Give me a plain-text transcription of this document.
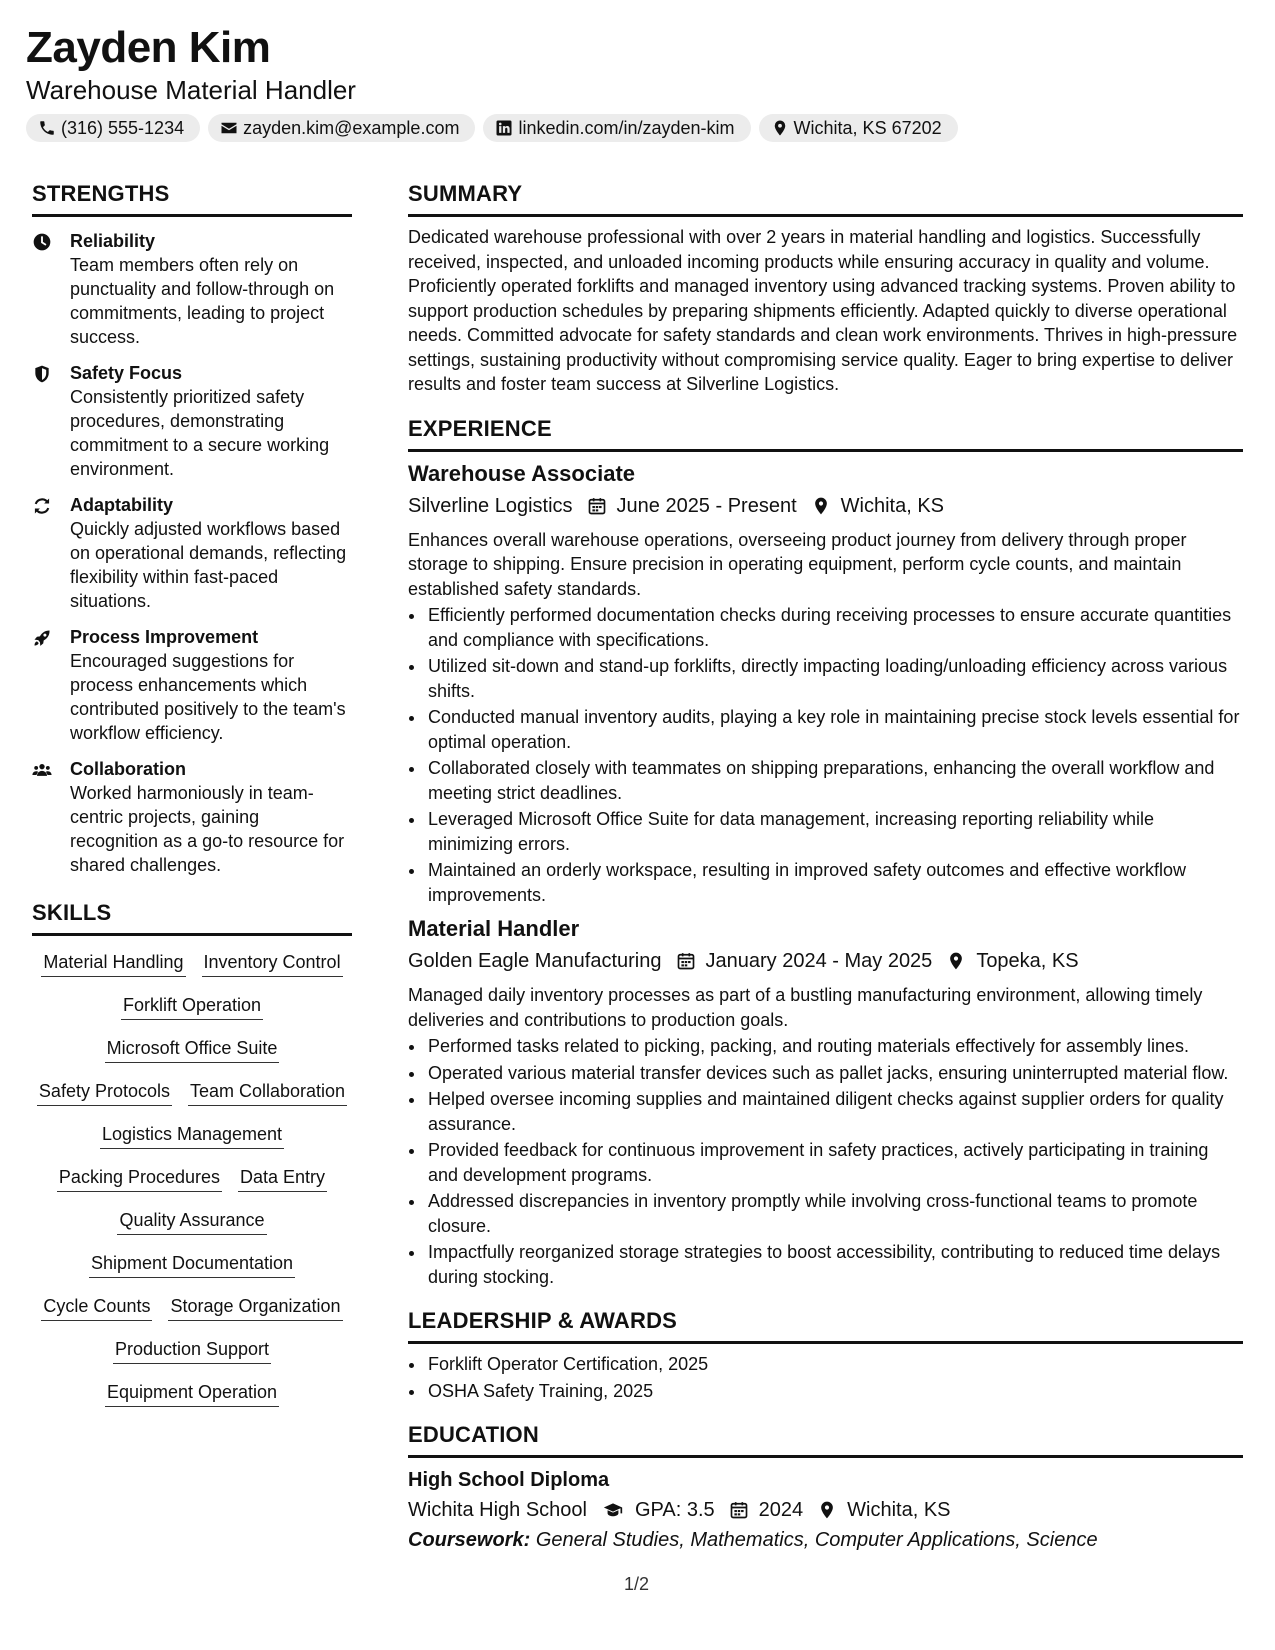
Zayden Kim
Warehouse Material Handler
(316) 555-1234	zayden.kim@example.com	linkedin.com/in/zayden-kim	Wichita, KS 67202
STRENGTHS
Reliability
Team members often rely on punctuality and follow-through on commitments, leading to project success.
Safety Focus
Consistently prioritized safety procedures, demonstrating commitment to a secure working environment.
Adaptability
Quickly adjusted workflows based on operational demands, reflecting flexibility within fast-paced situations.
Process Improvement
Encouraged suggestions for process enhancements which contributed positively to the team's workflow efficiency.
Collaboration
Worked harmoniously in team-centric projects, gaining recognition as a go-to resource for shared challenges.
SKILLS
Material Handling Inventory Control
Forklift Operation
Microsoft Office Suite
Safety Protocols Team Collaboration
Logistics Management
Packing Procedures Data Entry
Quality Assurance
Shipment Documentation
Cycle Counts Storage Organization
Production Support
Equipment Operation
SUMMARY
Dedicated warehouse professional with over 2 years in material handling and logistics. Successfully received, inspected, and unloaded incoming products while ensuring accuracy in quality and volume. Proficiently operated forklifts and managed inventory using advanced tracking systems. Proven ability to support production schedules by preparing shipments efficiently. Adapted quickly to diverse operational needs. Committed advocate for safety standards and clean work environments. Thrives in high-pressure settings, sustaining productivity without compromising service quality. Eager to bring expertise to deliver results and foster team success at Silverline Logistics.
EXPERIENCE
Warehouse Associate
Silverline Logistics June 2025 - Present Wichita, KS
Enhances overall warehouse operations, overseeing product journey from delivery through proper storage to shipping. Ensure precision in operating equipment, perform cycle counts, and maintain established safety standards.
• Efficiently performed documentation checks during receiving processes to ensure accurate quantities and compliance with specifications.
• Utilized sit-down and stand-up forklifts, directly impacting loading/unloading efficiency across various shifts.
• Conducted manual inventory audits, playing a key role in maintaining precise stock levels essential for optimal operation.
• Collaborated closely with teammates on shipping preparations, enhancing the overall workflow and meeting strict deadlines.
• Leveraged Microsoft Office Suite for data management, increasing reporting reliability while minimizing errors.
• Maintained an orderly workspace, resulting in improved safety outcomes and effective workflow improvements.
Material Handler
Golden Eagle Manufacturing January 2024 - May 2025 Topeka, KS
Managed daily inventory processes as part of a bustling manufacturing environment, allowing timely deliveries and contributions to production goals.
• Performed tasks related to picking, packing, and routing materials effectively for assembly lines.
• Operated various material transfer devices such as pallet jacks, ensuring uninterrupted material flow.
• Helped oversee incoming supplies and maintained diligent checks against supplier orders for quality assurance.
• Provided feedback for continuous improvement in safety practices, actively participating in training and development programs.
• Addressed discrepancies in inventory promptly while involving cross-functional teams to promote closure.
• Impactfully reorganized storage strategies to boost accessibility, contributing to reduced time delays during stocking.
LEADERSHIP & AWARDS
• Forklift Operator Certification, 2025
• OSHA Safety Training, 2025
EDUCATION
High School Diploma
Wichita High School GPA: 3.5 2024 Wichita, KS
Coursework: General Studies, Mathematics, Computer Applications, Science
1/2
